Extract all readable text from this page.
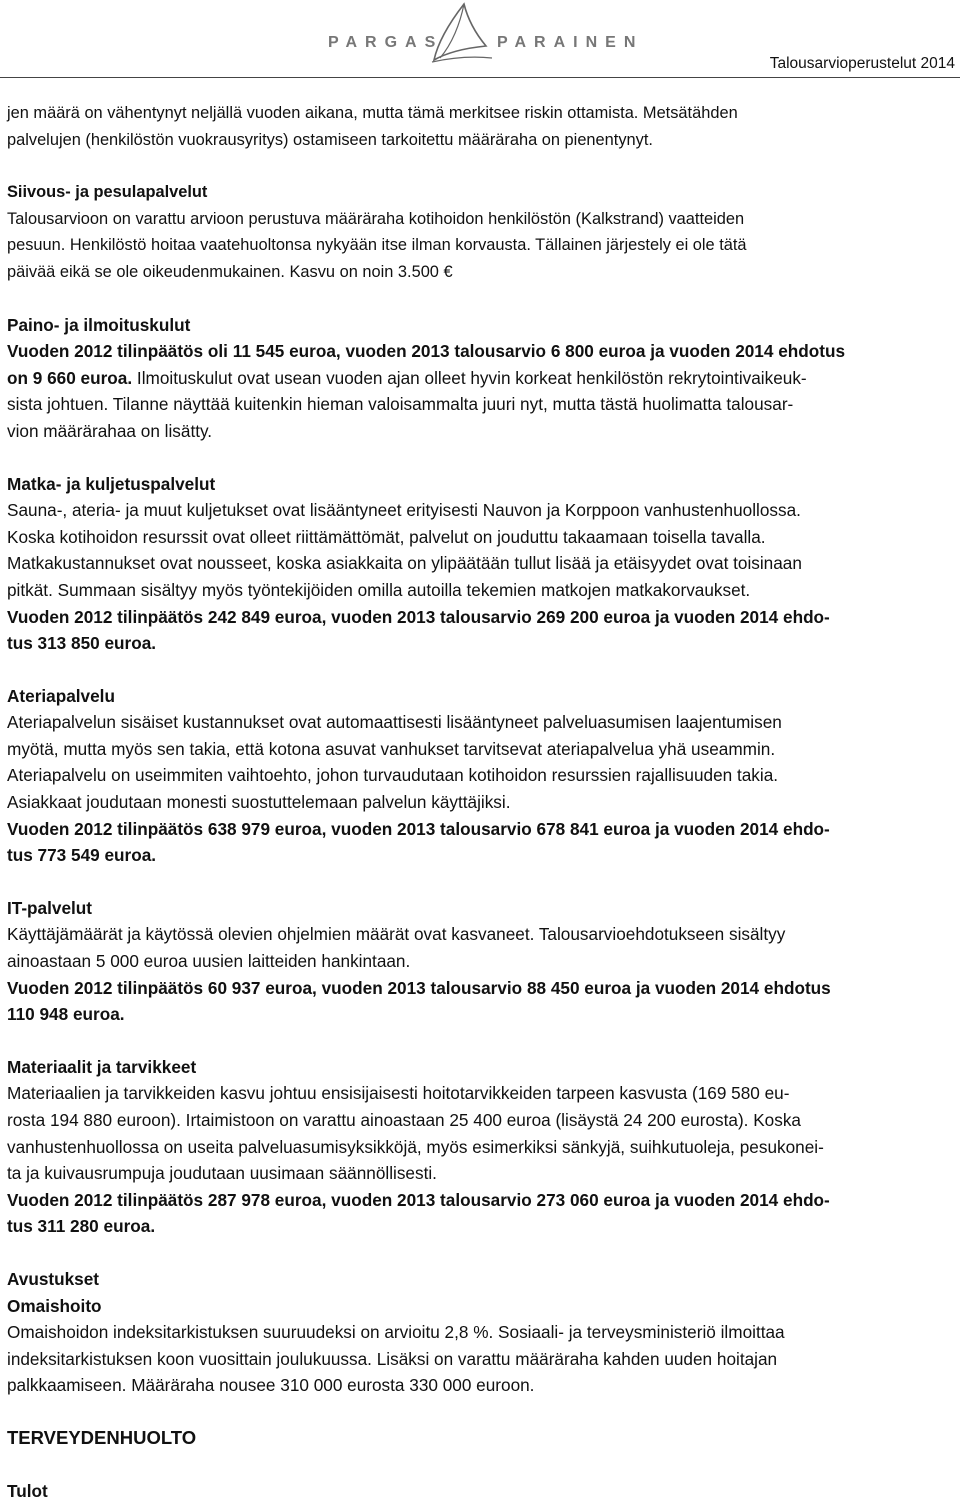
PARGAS	PARAINEN
Talousarvioperustelut 2014

jen määrä on vähentynyt neljällä vuoden aikana, mutta tämä merkitsee riskin ottamista. Metsätähden

palvelujen (henkilöstön vuokrausyritys) ostamiseen tarkoitettu määräraha on pienentynyt.

Siivous- ja pesulapalvelut

Talousarvioon on varattu arvioon perustuva määräraha kotihoidon henkilöstön (Kalkstrand) vaatteiden

pesuun. Henkilöstö hoitaa vaatehuoltonsa nykyään itse ilman korvausta. Tällainen järjestely ei ole tätä

päivää eikä se ole oikeudenmukainen. Kasvu on noin 3.500 €

Paino- ja ilmoituskulut

Vuoden 2012 tilinpäätös oli 11 545 euroa, vuoden 2013 talousarvio 6 800 euroa ja vuoden 2014 ehdotus

on 9 660 euroa. Ilmoituskulut ovat usean vuoden ajan olleet hyvin korkeat henkilöstön rekrytointivaikeuk-

sista johtuen. Tilanne näyttää kuitenkin hieman valoisammalta juuri nyt, mutta tästä huolimatta talousar-

vion määrärahaa on lisätty.

Matka- ja kuljetuspalvelut

Sauna-, ateria- ja muut kuljetukset ovat lisääntyneet erityisesti Nauvon ja Korppoon vanhustenhuollossa.

Koska kotihoidon resurssit ovat olleet riittämättömät, palvelut on jouduttu takaamaan toisella tavalla.

Matkakustannukset ovat nousseet, koska asiakkaita on ylipäätään tullut lisää ja etäisyydet ovat toisinaan

pitkät. Summaan sisältyy myös työntekijöiden omilla autoilla tekemien matkojen matkakorvaukset.

Vuoden 2012 tilinpäätös 242 849 euroa, vuoden 2013 talousarvio 269 200 euroa ja vuoden 2014 ehdo-

tus 313 850 euroa.

Ateriapalvelu

Ateriapalvelun sisäiset kustannukset ovat automaattisesti lisääntyneet palveluasumisen laajentumisen

myötä, mutta myös sen takia, että kotona asuvat vanhukset tarvitsevat ateriapalvelua yhä useammin.

Ateriapalvelu on useimmiten vaihtoehto, johon turvaudutaan kotihoidon resurssien rajallisuuden takia.

Asiakkaat joudutaan monesti suostuttelemaan palvelun käyttäjiksi.

Vuoden 2012 tilinpäätös 638 979 euroa, vuoden 2013 talousarvio 678 841 euroa ja vuoden 2014 ehdo-

tus 773 549 euroa.

IT-palvelut

Käyttäjämäärät ja käytössä olevien ohjelmien määrät ovat kasvaneet. Talousarvioehdotukseen sisältyy

ainoastaan 5 000 euroa uusien laitteiden hankintaan.

Vuoden 2012 tilinpäätös 60 937 euroa, vuoden 2013 talousarvio 88 450 euroa ja vuoden 2014 ehdotus

110 948 euroa.

Materiaalit ja tarvikkeet

Materiaalien ja tarvikkeiden kasvu johtuu ensisijaisesti hoitotarvikkeiden tarpeen kasvusta (169 580 eu-

rosta 194 880 euroon). Irtaimistoon on varattu ainoastaan 25 400 euroa (lisäystä 24 200 eurosta). Koska

vanhustenhuollossa on useita palveluasumisyksikköjä, myös esimerkiksi sänkyjä, suihkutuoleja, pesukonei-

ta ja kuivausrumpuja joudutaan uusimaan säännöllisesti.

Vuoden 2012 tilinpäätös 287 978 euroa, vuoden 2013 talousarvio 273 060 euroa ja vuoden 2014 ehdo-

tus 311 280 euroa.

Avustukset

Omaishoito

Omaishoidon indeksitarkistuksen suuruudeksi on arvioitu 2,8 %. Sosiaali- ja terveysministeriö ilmoittaa

indeksitarkistuksen koon vuosittain joulukuussa. Lisäksi on varattu määräraha kahden uuden hoitajan

palkkaamiseen. Määräraha nousee 310 000 eurosta 330 000 euroon.

TERVEYDENHUOLTO

Tulot
